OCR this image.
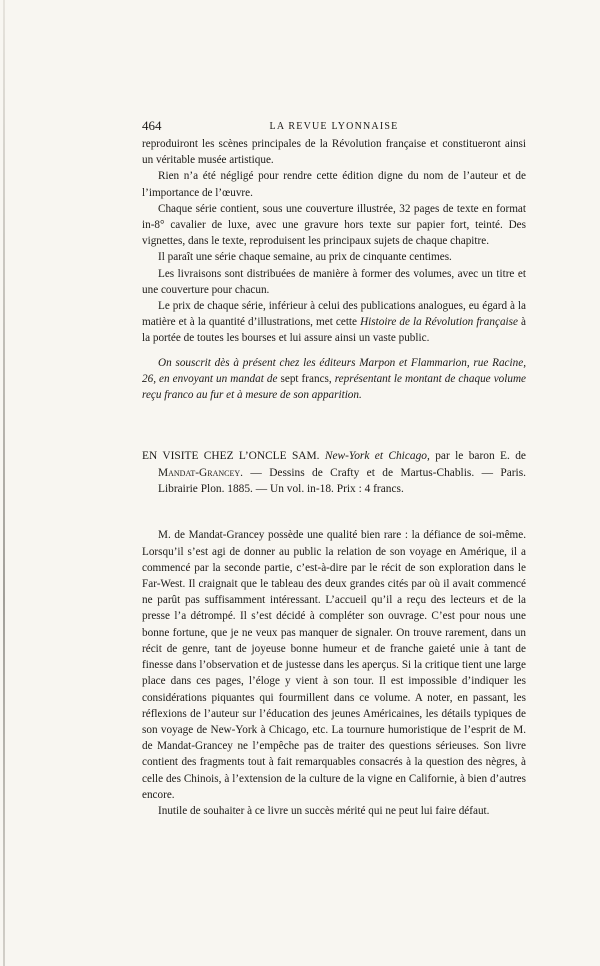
464	LA REVUE LYONNAISE

reproduiront les scènes principales de la Révolution française et constitueront ainsi un véritable musée artistique.

Rien n’a été négligé pour rendre cette édition digne du nom de l’auteur et de l’importance de l’œuvre.

Chaque série contient, sous une couverture illustrée, 32 pages de texte en format in-8° cavalier de luxe, avec une gravure hors texte sur papier fort, teinté. Des vignettes, dans le texte, reproduisent les principaux sujets de chaque chapitre.

Il paraît une série chaque semaine, au prix de cinquante centimes.

Les livraisons sont distribuées de manière à former des volumes, avec un titre et une couverture pour chacun.

Le prix de chaque série, inférieur à celui des publications analogues, eu égard à la matière et à la quantité d’illustrations, met cette Histoire de la Révolution française à la portée de toutes les bourses et lui assure ainsi un vaste public.

On souscrit dès à présent chez les éditeurs Marpon et Flammarion, rue Racine, 26, en envoyant un mandat de sept francs, représentant le montant de chaque volume reçu franco au fur et à mesure de son apparition.

EN VISITE CHEZ L’ONCLE SAM. New-York et Chicago, par le baron E. de Mandat-Grancey. — Dessins de Crafty et de Martus-Chablis. — Paris. Librairie Plon. 1885. — Un vol. in-18. Prix : 4 francs.

M. de Mandat-Grancey possède une qualité bien rare : la défiance de soi-même. Lorsqu’il s’est agi de donner au public la relation de son voyage en Amérique, il a commencé par la seconde partie, c’est-à-dire par le récit de son exploration dans le Far-West. Il craignait que le tableau des deux grandes cités par où il avait commencé ne parût pas suffisamment intéressant. L’accueil qu’il a reçu des lecteurs et de la presse l’a détrompé. Il s’est décidé à compléter son ouvrage. C’est pour nous une bonne fortune, que je ne veux pas manquer de signaler. On trouve rarement, dans un récit de genre, tant de joyeuse bonne humeur et de franche gaieté unie à tant de finesse dans l’observation et de justesse dans les aperçus. Si la critique tient une large place dans ces pages, l’éloge y vient à son tour. Il est impossible d’indiquer les considérations piquantes qui fourmillent dans ce volume. A noter, en passant, les réflexions de l’auteur sur l’éducation des jeunes Américaines, les détails typiques de son voyage de New-York à Chicago, etc. La tournure humoristique de l’esprit de M. de Mandat-Grancey ne l’empêche pas de traiter des questions sérieuses. Son livre contient des fragments tout à fait remarquables consacrés à la question des nègres, à celle des Chinois, à l’extension de la culture de la vigne en Californie, à bien d’autres encore.

Inutile de souhaiter à ce livre un succès mérité qui ne peut lui faire défaut.
